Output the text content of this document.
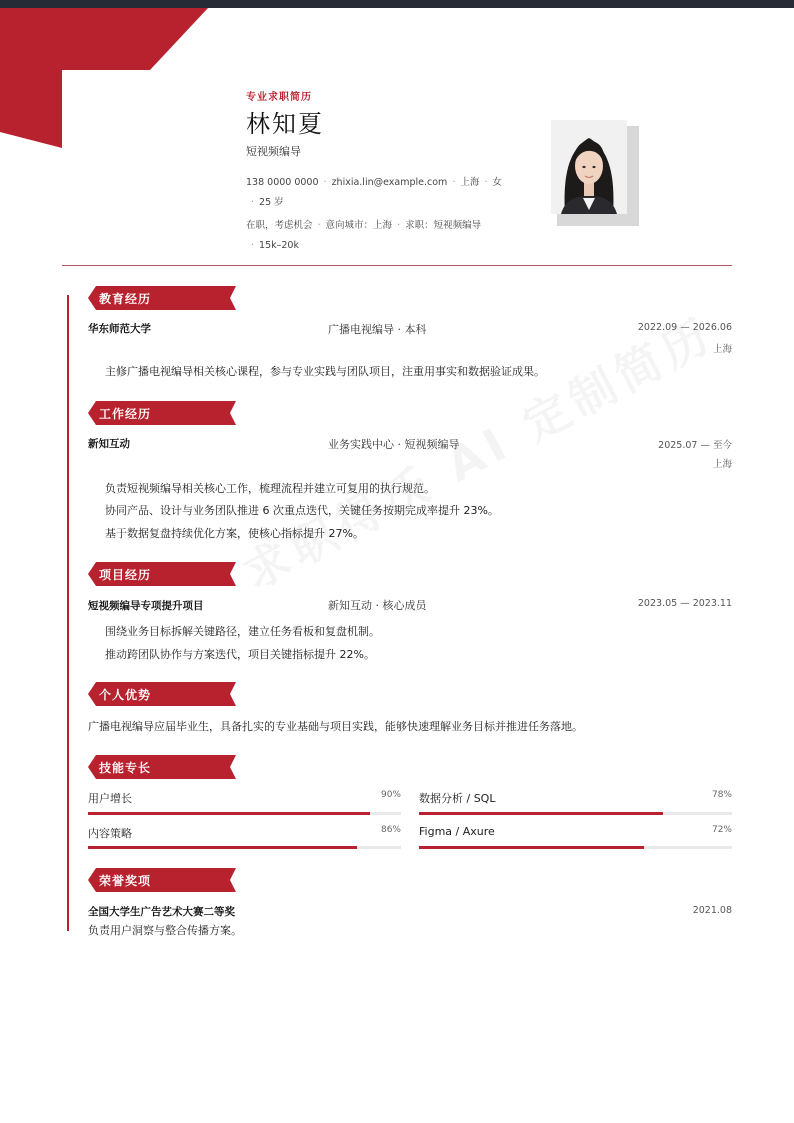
专业求职简历
林知夏
短视频编导
138 0000 0000 · zhixia.lin@example.com · 上海 · 女· 25 岁
在职，考虑机会 · 意向城市：上海 · 求职：短视频编导· 15k–20k
教育经历
华东师范大学	广播电视编导 · 本科	2022.09 — 2026.06
上海
主修广播电视编导相关核心课程，参与专业实践与团队项目，注重用事实和数据验证成果。
工作经历
新知互动	业务实践中心 · 短视频编导	2025.07 — 至今
上海
负责短视频编导相关核心工作，梳理流程并建立可复用的执行规范。
协同产品、设计与业务团队推进 6 次重点迭代，关键任务按期完成率提升 23%。
基于数据复盘持续优化方案，使核心指标提升 27%。
项目经历
短视频编导专项提升项目	新知互动 · 核心成员	2023.05 — 2023.11
围绕业务目标拆解关键路径，建立任务看板和复盘机制。
推动跨团队协作与方案迭代，项目关键指标提升 22%。
个人优势
广播电视编导应届毕业生，具备扎实的专业基础与项目实践，能够快速理解业务目标并推进任务落地。
技能专长
用户增长	90% 数据分析 / SQL	78%
内容策略	86% Figma / Axure	72%
荣誉奖项
全国大学生广告艺术大赛二等奖	2021.08
负责用户洞察与整合传播方案。
